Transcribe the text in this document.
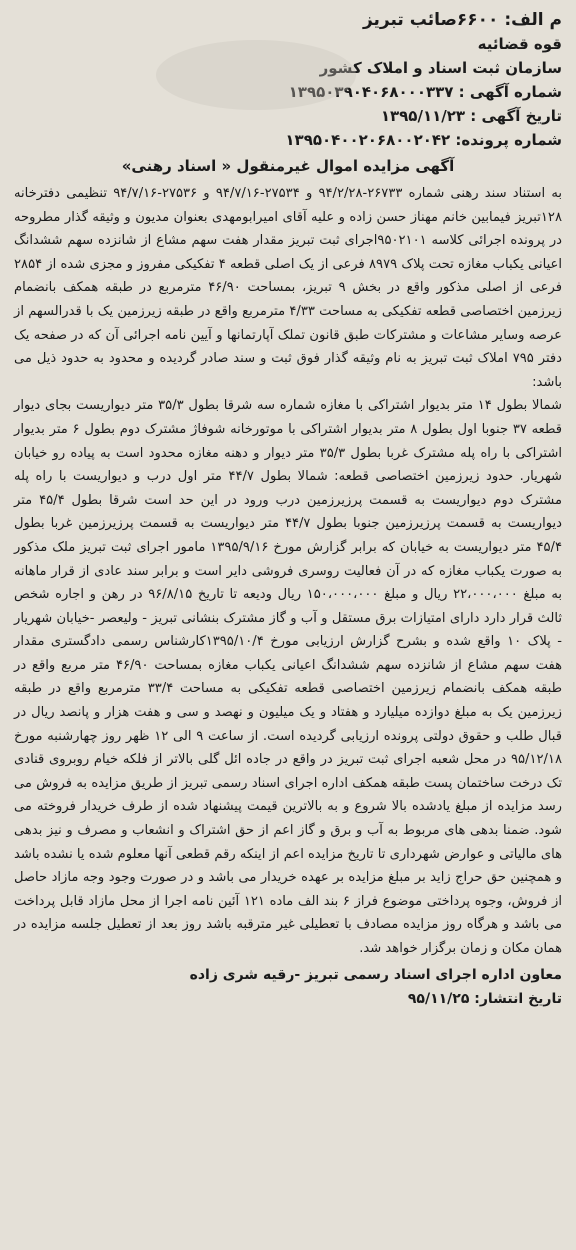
م الف: ۶۶۰۰صائب تبریز
قوه قضائیه
سازمان ثبت اسناد و املاک کشور
شماره آگهی : ۱۳۹۵۰۳۹۰۴۰۶۸۰۰۰۳۳۷
تاریخ آگهی : ۱۳۹۵/۱۱/۲۳
شماره پرونده: ۱۳۹۵۰۴۰۰۲۰۶۸۰۰۲۰۴۲
آگهی مزایده اموال غیرمنقول « اسناد رهنی»

به استناد سند رهنی شماره ۲۶۷۳۳-۹۴/۲/۲۸ و ۲۷۵۳۴-۹۴/۷/۱۶ و ۲۷۵۳۶-۹۴/۷/۱۶ تنظیمی دفترخانه ۱۲۸تبریز فیمابین خانم مهناز حسن زاده و علیه آقای امیرابومهدی بعنوان مدیون و وثیقه گذار مطروحه در پرونده اجرائی کلاسه ۹۵۰۲۱۰۱اجرای ثبت تبریز مقدار هفت سهم مشاع از شانزده سهم ششدانگ اعیانی یکباب مغازه تحت پلاک ۸۹۷۹ فرعی از یک اصلی قطعه ۴ تفکیکی مفروز و مجزی شده از ۲۸۵۴ فرعی از اصلی مذکور واقع در بخش ۹ تبریز، بمساحت ۴۶/۹۰ مترمربع در طبقه همکف بانضمام زیرزمین اختصاصی قطعه تفکیکی به مساحت ۴/۳۳ مترمربع واقع در طبقه زیرزمین یک با قدرالسهم از عرصه وسایر مشاعات و مشترکات طبق قانون تملک آپارتمانها و آیین نامه اجرائی آن که در صفحه یک دفتر ۷۹۵ املاک ثبت تبریز به نام وثیقه گذار فوق ثبت و سند صادر گردیده و محدود به حدود ذیل می باشد:

شمالا بطول ۱۴ متر بدیوار اشتراکی با مغازه شماره سه شرقا بطول ۳۵/۳ متر دیواریست بجای دیوار قطعه ۳۷ جنوبا اول بطول ۸ متر بدیوار اشتراکی با موتورخانه شوفاژ مشترک دوم بطول ۶ متر بدیوار اشتراکی با راه پله مشترک غربا بطول ۳۵/۳ متر دیوار و دهنه مغازه محدود است به پیاده رو خیابان شهریار. حدود زیرزمین اختصاصی قطعه: شمالا بطول ۴۴/۷ متر اول درب و دیواریست با راه پله مشترک دوم دیواریست به قسمت پرزیرزمین درب ورود در این حد است شرقا بطول ۴۵/۴ متر دیواریست به قسمت پرزیرزمین جنوبا بطول ۴۴/۷ متر دیواریست به قسمت پرزیرزمین غربا بطول ۴۵/۴ متر دیواریست به خیابان که برابر گزارش مورخ ۱۳۹۵/۹/۱۶ مامور اجرای ثبت تبریز ملک مذکور به صورت یکباب مغازه که در آن فعالیت روسری فروشی دایر است و برابر سند عادی از قرار ماهانه به مبلغ ۲۲،۰۰۰،۰۰۰ ریال و مبلغ ۱۵۰،۰۰۰،۰۰۰ ریال ودیعه تا تاریخ ۹۶/۸/۱۵ در رهن و اجاره شخص ثالث قرار دارد دارای امتیازات برق مستقل و آب و گاز مشترک بنشانی تبریز - ولیعصر -خیابان شهریار - پلاک ۱۰ واقع شده و بشرح گزارش ارزیابی مورخ ۱۳۹۵/۱۰/۴کارشناس رسمی دادگستری مقدار هفت سهم مشاع از شانزده سهم ششدانگ اعیانی یکباب مغازه بمساحت ۴۶/۹۰ متر مربع واقع در طبقه همکف بانضمام زیرزمین اختصاصی قطعه تفکیکی به مساحت ۳۳/۴ مترمربع واقع در طبقه زیرزمین یک به مبلغ دوازده میلیارد و هفتاد و یک میلیون و نهصد و سی و هفت هزار و پانصد ریال در قبال طلب و حقوق دولتی پرونده ارزیابی گردیده است. از ساعت ۹ الی ۱۲ ظهر روز چهارشنبه مورخ ۹۵/۱۲/۱۸ در محل شعبه اجرای ثبت تبریز در واقع در جاده ائل گلی بالاتر از فلکه خیام روبروی قنادی تک درخت ساختمان پست طبقه همکف اداره اجرای اسناد رسمی تبریز از طریق مزایده به فروش می رسد مزایده از مبلغ یادشده بالا شروع و به بالاترین قیمت پیشنهاد شده از طرف خریدار فروخته می شود. ضمنا بدهی های مربوط به آب و برق و گاز اعم از حق اشتراک و انشعاب و مصرف و نیز بدهی های مالیاتی و عوارض شهرداری تا تاریخ مزایده اعم از اینکه رقم قطعی آنها معلوم شده یا نشده باشد و همچنین حق حراج زاید بر مبلغ مزایده بر عهده خریدار می باشد و در صورت وجود وجه مازاد حاصل از فروش، وجوه پرداختی موضوع فراز ۶ بند الف ماده ۱۲۱ آئین نامه اجرا از محل مازاد قابل پرداخت می باشد و هرگاه روز مزایده مصادف با تعطیلی غیر مترقبه باشد روز بعد از تعطیل جلسه مزایده در همان مکان و زمان برگزار خواهد شد.

معاون اداره اجرای اسناد رسمی تبریز -رقیه شری زاده
تاریخ انتشار: ۹۵/۱۱/۲۵
